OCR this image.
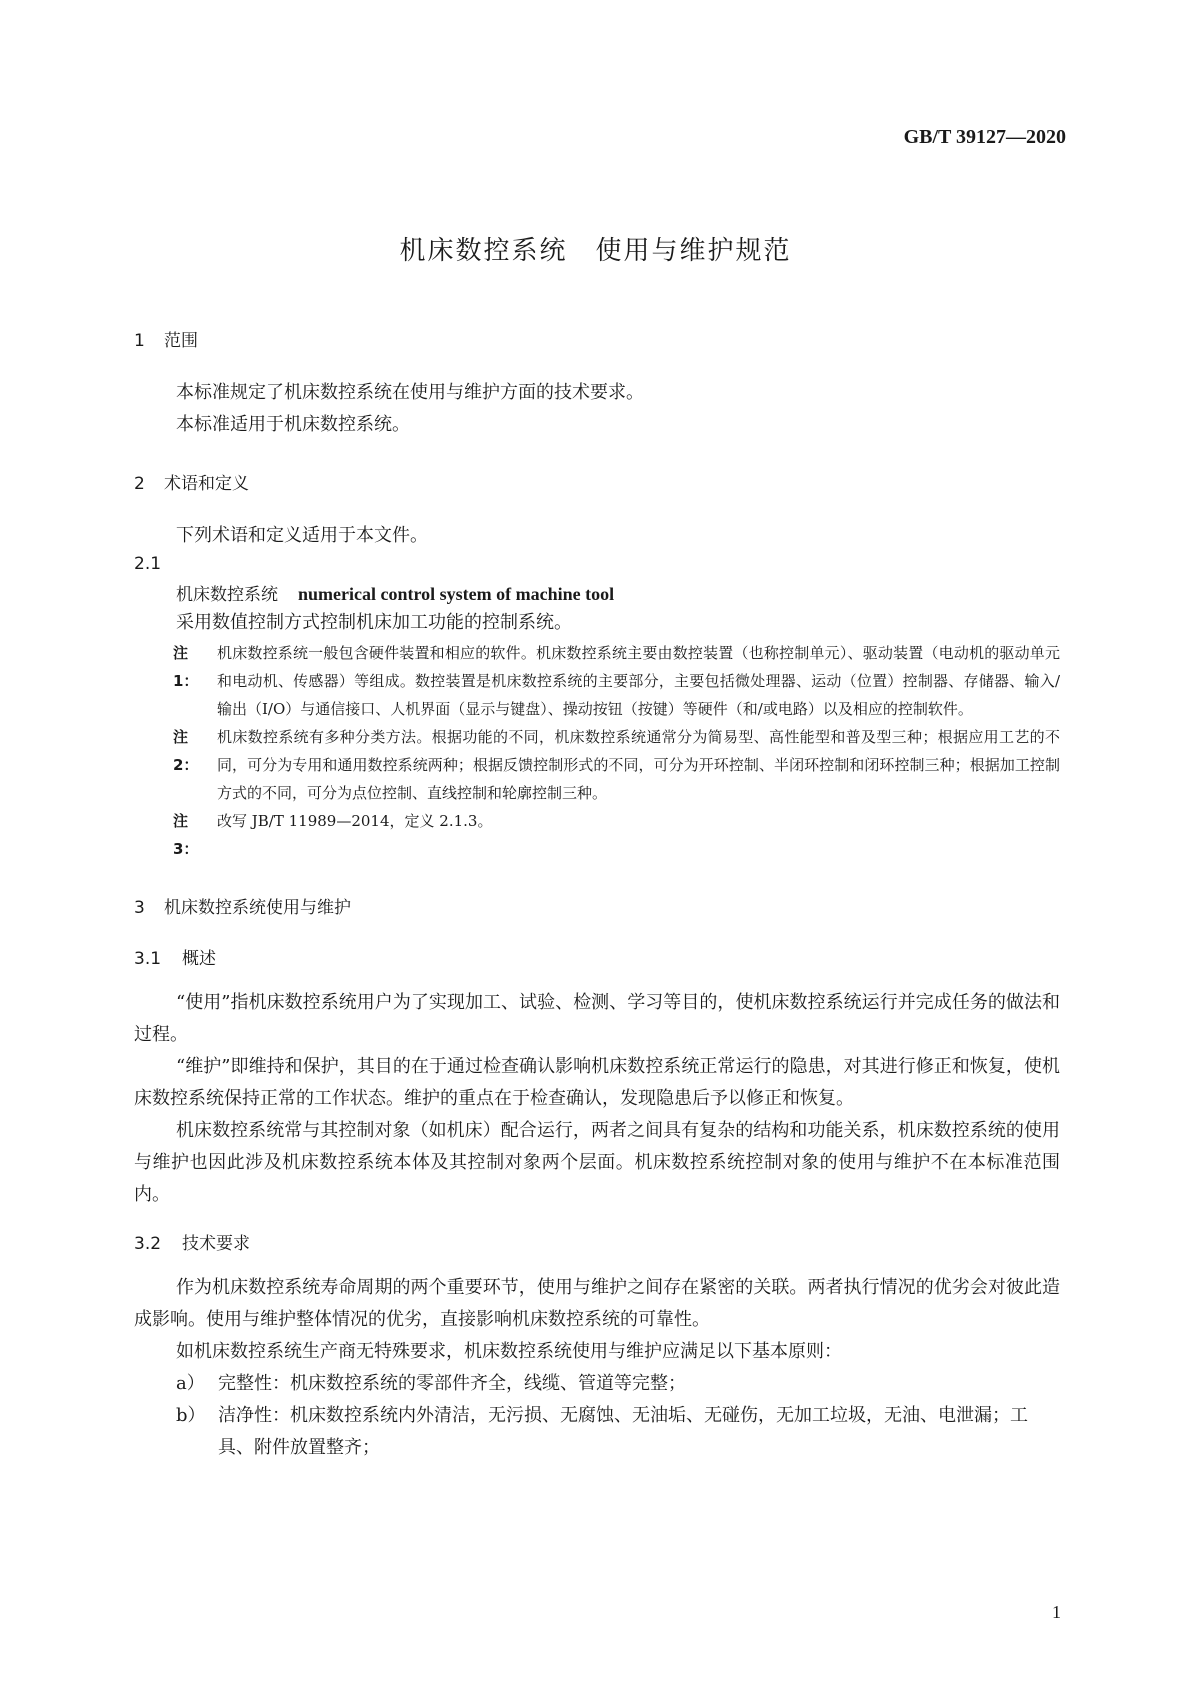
GB/T 39127—2020
机床数控系统　使用与维护规范
1 范围

本标准规定了机床数控系统在使用与维护方面的技术要求。

本标准适用于机床数控系统。

2 术语和定义

下列术语和定义适用于本文件。

2.1
机床数控系统 numerical control system of machine tool

采用数值控制方式控制机床加工功能的控制系统。

注 1：
机床数控系统一般包含硬件装置和相应的软件。机床数控系统主要由数控装置（也称控制单元）、驱动装置（电动机的驱动单元和电动机、传感器）等组成。数控装置是机床数控系统的主要部分，主要包括微处理器、运动（位置）控制器、存储器、输入/输出（I/O）与通信接口、人机界面（显示与键盘）、操动按钮（按键）等硬件（和/或电路）以及相应的控制软件。
注 2：
机床数控系统有多种分类方法。根据功能的不同，机床数控系统通常分为简易型、高性能型和普及型三种；根据应用工艺的不同，可分为专用和通用数控系统两种；根据反馈控制形式的不同，可分为开环控制、半闭环控制和闭环控制三种；根据加工控制方式的不同，可分为点位控制、直线控制和轮廓控制三种。
注 3：
改写 JB/T 11989—2014，定义 2.1.3。
3 机床数控系统使用与维护
3.1 概述

“使用”指机床数控系统用户为了实现加工、试验、检测、学习等目的，使机床数控系统运行并完成任务的做法和过程。

“维护”即维持和保护，其目的在于通过检查确认影响机床数控系统正常运行的隐患，对其进行修正和恢复，使机床数控系统保持正常的工作状态。维护的重点在于检查确认，发现隐患后予以修正和恢复。

机床数控系统常与其控制对象（如机床）配合运行，两者之间具有复杂的结构和功能关系，机床数控系统的使用与维护也因此涉及机床数控系统本体及其控制对象两个层面。机床数控系统控制对象的使用与维护不在本标准范围内。

3.2 技术要求

作为机床数控系统寿命周期的两个重要环节，使用与维护之间存在紧密的关联。两者执行情况的优劣会对彼此造成影响。使用与维护整体情况的优劣，直接影响机床数控系统的可靠性。

如机床数控系统生产商无特殊要求，机床数控系统使用与维护应满足以下基本原则：

a） 完整性：机床数控系统的零部件齐全，线缆、管道等完整；
b） 洁净性：机床数控系统内外清洁，无污损、无腐蚀、无油垢、无碰伤，无加工垃圾，无油、电泄漏；工具、附件放置整齐；
1
